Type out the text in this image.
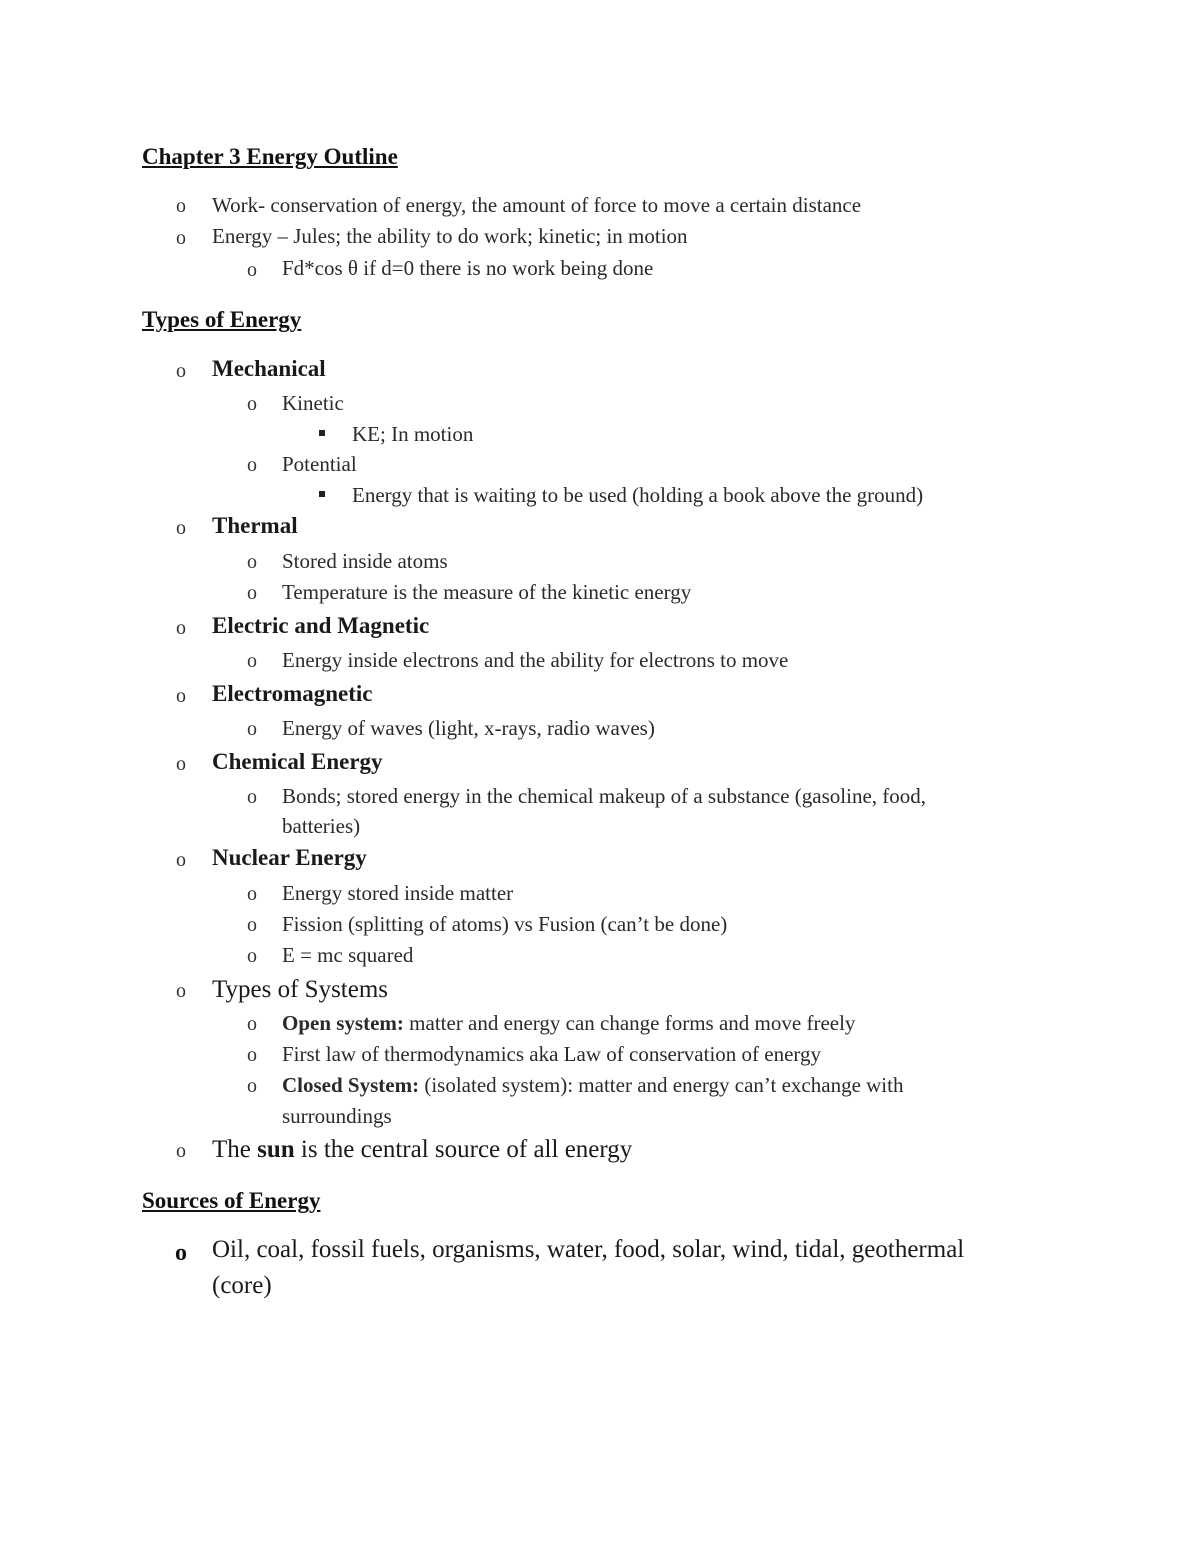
Chapter 3 Energy Outline
o Work- conservation of energy, the amount of force to move a certain distance
o Energy – Jules; the ability to do work; kinetic; in motion
o Fd*cos θ if d=0 there is no work being done
Types of Energy
o Mechanical
o Kinetic
KE; In motion
o Potential
Energy that is waiting to be used (holding a book above the ground)
o Thermal
o Stored inside atoms
o Temperature is the measure of the kinetic energy
o Electric and Magnetic
o Energy inside electrons and the ability for electrons to move
o Electromagnetic
o Energy of waves (light, x-rays, radio waves)
o Chemical Energy
o Bonds; stored energy in the chemical makeup of a substance (gasoline, food,
batteries)
o Nuclear Energy
o Energy stored inside matter
o Fission (splitting of atoms) vs Fusion (can’t be done)
o E = mc squared
o Types of Systems
o Open system: matter and energy can change forms and move freely
o First law of thermodynamics aka Law of conservation of energy
o Closed System: (isolated system): matter and energy can’t exchange with
surroundings
o The sun is the central source of all energy
Sources of Energy
o Oil, coal, fossil fuels, organisms, water, food, solar, wind, tidal, geothermal
(core)
